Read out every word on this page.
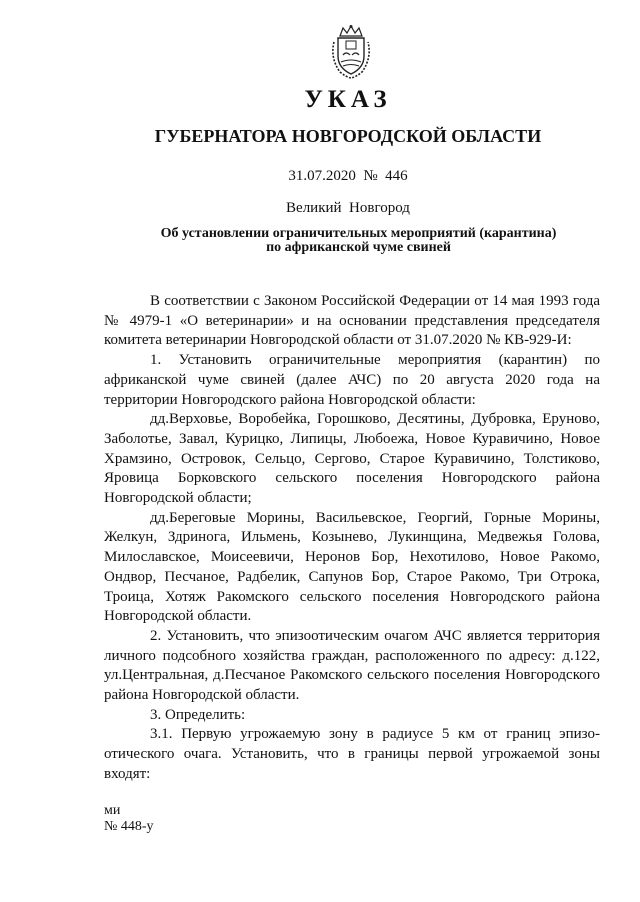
УКАЗ
ГУБЕРНАТОРА НОВГОРОДСКОЙ ОБЛАСТИ
31.07.2020  №  446
Великий  Новгород
Об установлении ограничительных мероприятий (карантина)
по африканской чуме свиней

В соответствии с Законом Российской Федерации от 14 мая 1993 года № 4979-1 «О ветеринарии» и на основании представления председателя комитета ветеринарии Новгородской области от 31.07.2020 № КВ-929-И:

1. Установить ограничительные мероприятия (карантин) по африканской чуме свиней (далее АЧС) по 20 августа 2020 года на территории Новгородского района Новгородской области:

дд.Верховье, Воробейка, Горошково, Десятины, Дубровка, Еруново, Заболотье, Завал, Курицко, Липицы, Любоежа, Новое Куравичино, Новое Храмзино, Островок, Сельцо, Сергово, Старое Куравичино, Толстиково, Яровица Борковского сельского поселения Новгородского района Новгородской области;

дд.Береговые Морины, Васильевское, Георгий, Горные Морины, Желкун, Здринога, Ильмень, Козынево, Лукинщина, Медвежья Голова, Милославское, Моисеевичи, Неронов Бор, Нехотилово, Новое Ракомо, Ондвор, Песчаное, Радбелик, Сапунов Бор, Старое Ракомо, Три Отрока, Троица, Хотяж Ракомского сельского поселения Новгородского района Новгородской области.

2. Установить, что эпизоотическим очагом АЧС является территория личного подсобного хозяйства граждан, расположенного по адресу: д.122, ул.Центральная, д.Песчаное Ракомского сельского поселения Новгородского района Новгородской области.

3. Определить:

3.1. Первую угрожаемую зону в радиусе 5 км от границ эпизо-отического очага. Установить, что в границы первой угрожаемой зоны входят:

ми
№ 448-у
